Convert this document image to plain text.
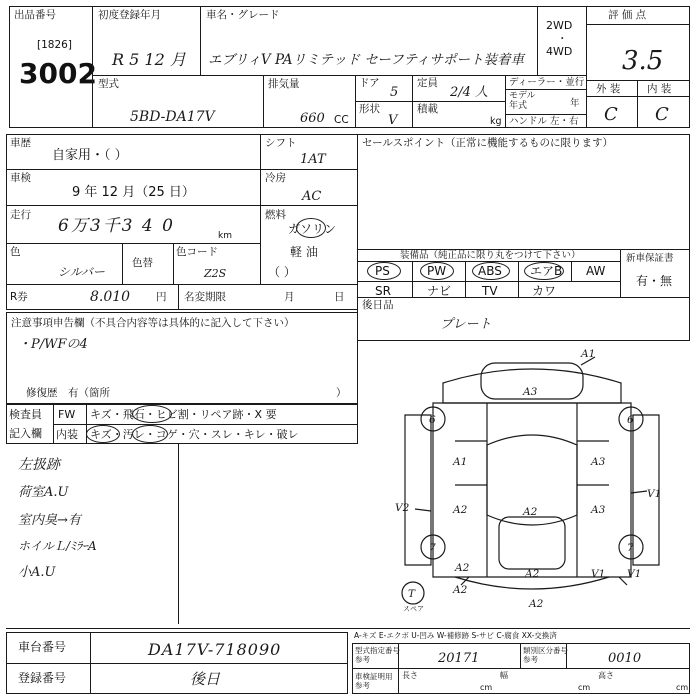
出品番号
[1826]
3002
初度登録年月
R 5 12 月
車名・グレード
エブリィV PAリミテッド セーフティサポート装着車
2WD
・
4WD
評 価 点
3.5
外 装	内 装
C C
型式
5BD-DA17V
排気量
660 CC
ドア
5
定員
2/4 人
形状
V
積載
kg
ディーラー・並行
モデル
年式	年
ハンドル 左・右
車歴
自家用・（ ）
シフト
1AT
車検
9 年 12 月（25 日）
冷房
AC
走行
6万3千3 4 0	km
燃料
ガソリン
軽 油
（ ）
色
シルバー
色替
色コード
Z2S
R券	8.010 円 名変期限	月	日
セールスポイント（正常に機能するものに限ります）
装備品（純正品に限り丸をつけて下さい）
PS	PW	ABS エアB AW
SR	ナビ	TV	カワ
新車保証書
有・無
後日品
プレート
注意事項申告欄（不具合内容等は具体的に記入して下さい）
・P/WFの4
修復歴　有（箇所	）
検査員
記入欄
FW キズ・飛石・ヒビ割・リペア跡・X 要
内装 キズ・汚レ・コゲ・穴・スレ・キレ・破レ
左扱跡
荷室A.U
室内臭→有
ホイルＬ/ﾐﾗｰA
小A.U
A1
A3
6	6
A1	A3
V1
V2	A2	A2	A3
7	7
A2	V1
A2
A2
V1
A2
T
スペア
車台番号	DA17V-718090
登録番号	後日
A-キズ E-エクボ U-凹み W-補修跡 S-サビ C-腐食 XX-交換済
型式指定番号
参考	20171
類別区分番号
参考	0010
車検証明用
参考
長さ
cm
幅
cm
高さ
cm
